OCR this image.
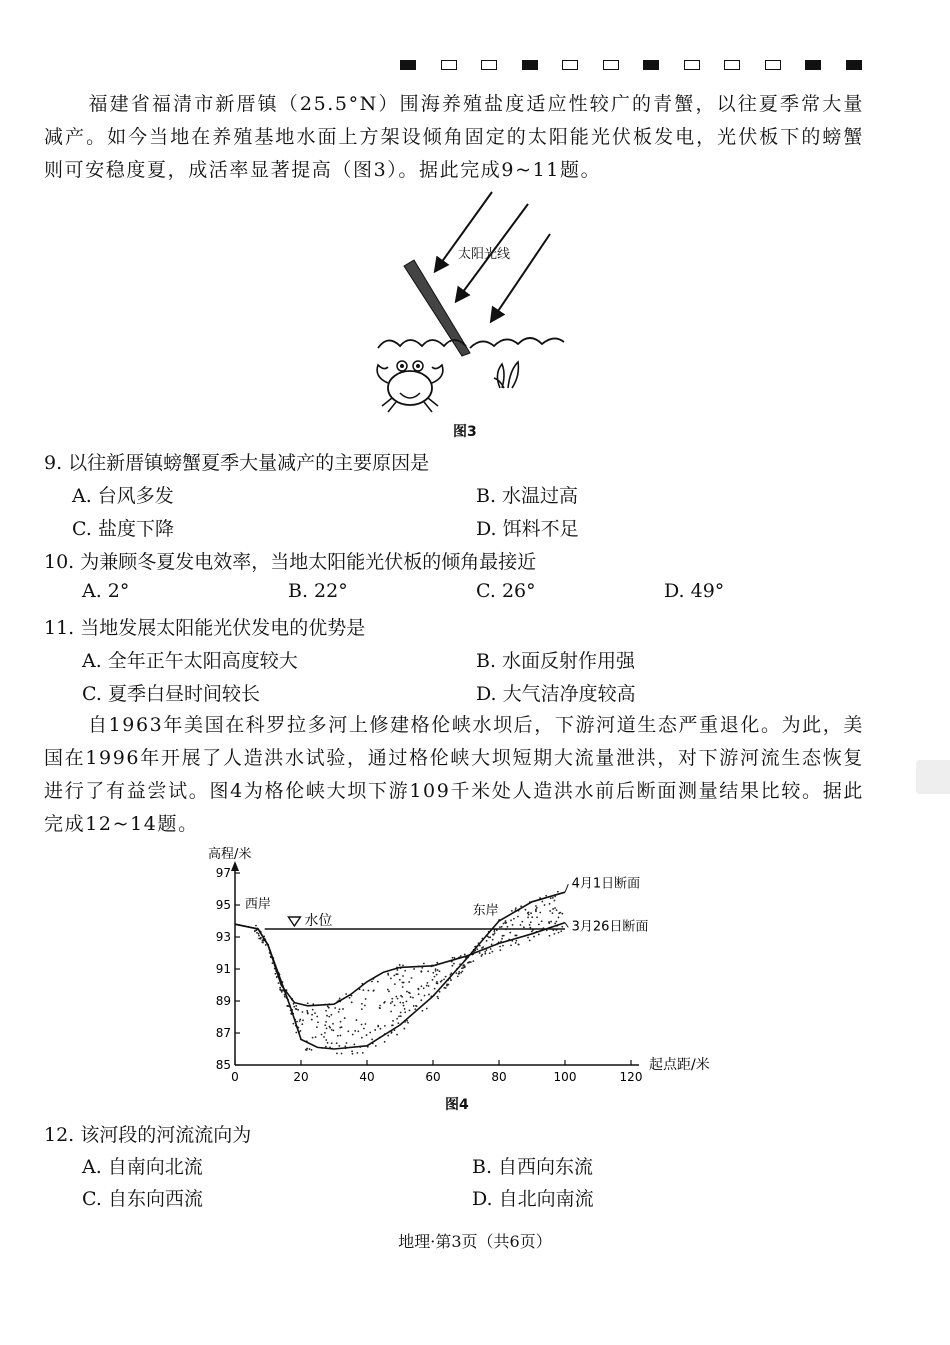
福建省福清市新厝镇（25.5°N）围海养殖盐度适应性较广的青蟹，以往夏季常大量减产。如今当地在养殖基地水面上方架设倾角固定的太阳能光伏板发电，光伏板下的螃蟹则可安稳度夏，成活率显著提高（图3）。据此完成9~11题。

太阳光线
图3
9. 以往新厝镇螃蟹夏季大量减产的主要原因是
A. 台风多发	B. 水温过高
C. 盐度下降	D. 饵料不足
10. 为兼顾冬夏发电效率，当地太阳能光伏板的倾角最接近
A. 2°	B. 22°	C. 26°	D. 49°
11. 当地发展太阳能光伏发电的优势是
A. 全年正午太阳高度较大	B. 水面反射作用强
C. 夏季白昼时间较长	D. 大气洁净度较高

自1963年美国在科罗拉多河上修建格伦峡水坝后，下游河道生态严重退化。为此，美国在1996年开展了人造洪水试验，通过格伦峡大坝短期大流量泄洪，对下游河流生态恢复进行了有益尝试。图4为格伦峡大坝下游109千米处人造洪水前后断面测量结果比较。据此完成12~14题。

高程/米
起点距/米
97
95
93
91
89
87
85
0	20	40	60	80	100	120
水位
西岸	东岸
4月1日断面
3月26日断面
图4
12. 该河段的河流流向为
A. 自南向北流	B. 自西向东流
C. 自东向西流	D. 自北向南流
地理·第3页（共6页）
